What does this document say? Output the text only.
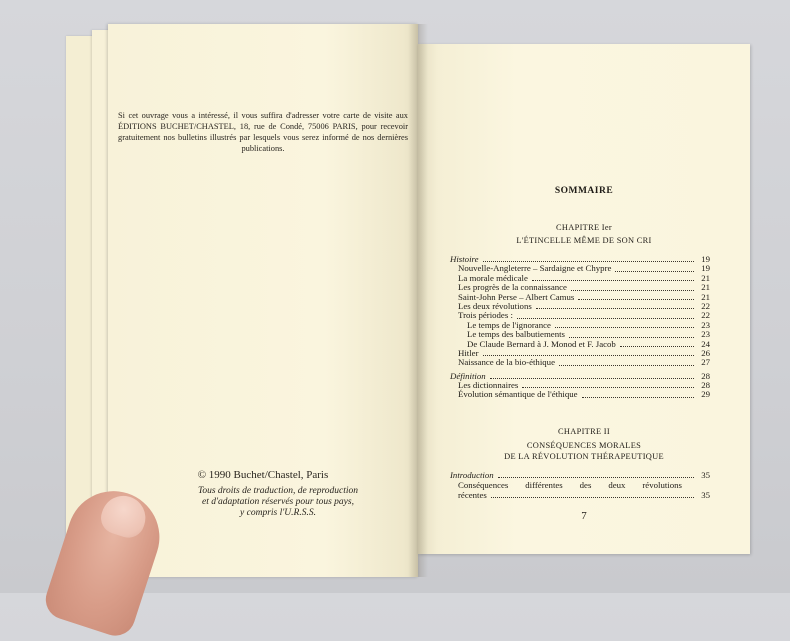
Si cet ouvrage vous a intéressé, il vous suffira d'adresser votre carte de visite aux ÉDITIONS BUCHET/CHASTEL, 18, rue de Condé, 75006 PARIS, pour recevoir gratuitement nos bulletins illustrés par lesquels vous serez informé de nos dernières publications.
© 1990 Buchet/Chastel, Paris
Tous droits de traduction, de reproduction
et d'adaptation réservés pour tous pays,
y compris l'U.R.S.S.
SOMMAIRE
CHAPITRE Ier
L'ÉTINCELLE MÊME DE SON CRI
Histoire	19
Nouvelle-Angleterre – Sardaigne et Chypre	19
La morale médicale	21
Les progrès de la connaissance	21
Saint-John Perse – Albert Camus	21
Les deux révolutions	22
Trois périodes :	22
Le temps de l'ignorance	23
Le temps des balbutiements	23
De Claude Bernard à J. Monod et F. Jacob	24
Hitler	26
Naissance de la bio-éthique	27
Définition	28
Les dictionnaires	28
Évolution sémantique de l'éthique	29
CHAPITRE II
CONSÉQUENCES MORALES
DE LA RÉVOLUTION THÉRAPEUTIQUE
Introduction	35
Conséquences différentes des deux révolutions
récentes	35
7
